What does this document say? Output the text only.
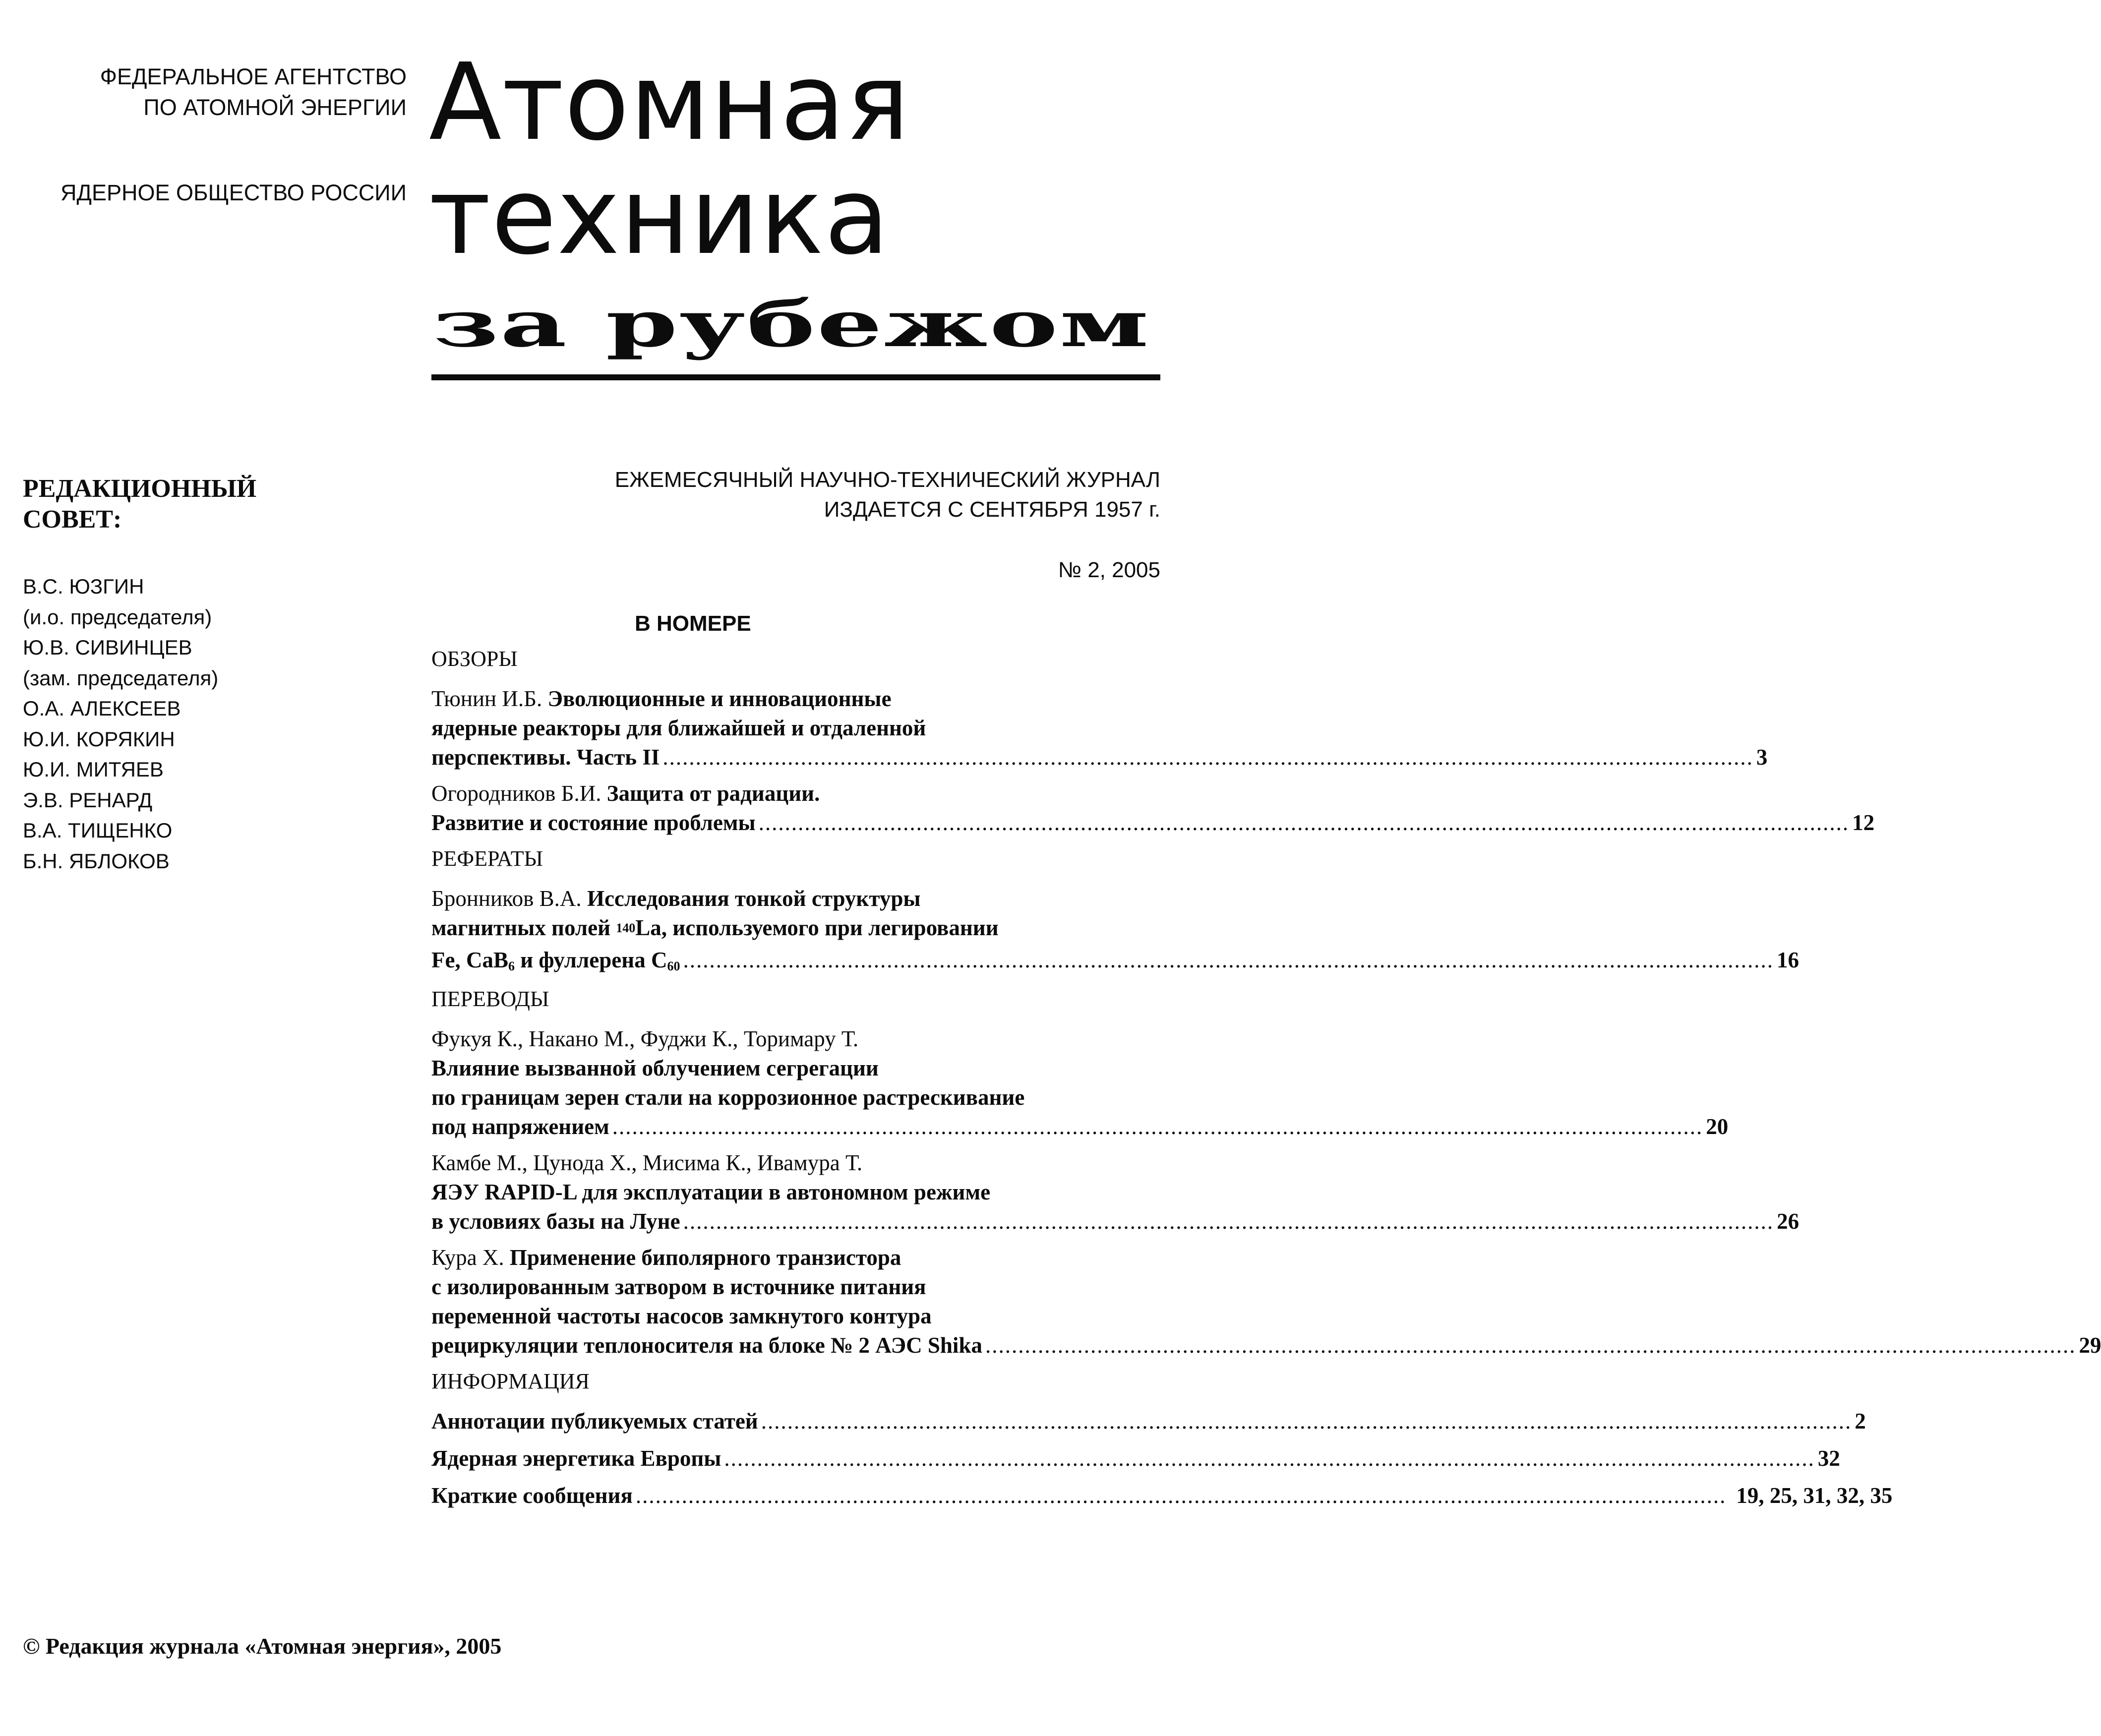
ФЕДЕРАЛЬНОЕ АГЕНТСТВО
ПО АТОМНОЙ ЭНЕРГИИ
ЯДЕРНОЕ ОБЩЕСТВО РОССИИ
Атомная
техника
за рубежом
РЕДАКЦИОННЫЙ
СОВЕТ:
В.С. ЮЗГИН
(и.о. председателя)
Ю.В. СИВИНЦЕВ
(зам. председателя)
О.А. АЛЕКСЕЕВ
Ю.И. КОРЯКИН
Ю.И. МИТЯЕВ
Э.В. РЕНАРД
В.А. ТИЩЕНКО
Б.Н. ЯБЛОКОВ
ЕЖЕМЕСЯЧНЫЙ НАУЧНО-ТЕХНИЧЕСКИЙ ЖУРНАЛ
ИЗДАЕТСЯ С СЕНТЯБРЯ 1957 г.
№ 2, 2005
В НОМЕРЕ
ОБЗОРЫ
Тюнин И.Б. Эволюционные и инновационные
ядерные реакторы для ближайшей и отдаленной
перспективы. Часть II ...................................................................................................................................................................... 3
Огородников Б.И. Защита от радиации.
Развитие и состояние проблемы ...................................................................................................................................................................... 12
РЕФЕРАТЫ
Бронников В.А. Исследования тонкой структуры
магнитных полей $^{140}$La, используемого при легировании
Fe, CaB$_6$ и фуллерена $C_{60}$ ...................................................................................................................................................................... 16
ПЕРЕВОДЫ
Фукуя К., Накано М., Фуджи К., Торимару Т.
Влияние вызванной облучением сегрегации
по границам зерен стали на коррозионное растрескивание
под напряжением ...................................................................................................................................................................... 20
Камбе М., Цунода Х., Мисима К., Ивамура Т.
ЯЭУ RAPID-L для эксплуатации в автономном режиме
в условиях базы на Луне ...................................................................................................................................................................... 26
Кура Х. Применение биполярного транзистора
с изолированным затвором в источнике питания
переменной частоты насосов замкнутого контура
рециркуляции теплоносителя на блоке № 2 АЭС Shika ...................................................................................................................................................................... 29
ИНФОРМАЦИЯ
Аннотации публикуемых статей ...................................................................................................................................................................... 2
Ядерная энергетика Европы ...................................................................................................................................................................... 32
Краткие сообщения ...................................................................................................................................................................... 19, 25, 31, 32, 35
© Редакция журнала «Атомная энергия», 2005
